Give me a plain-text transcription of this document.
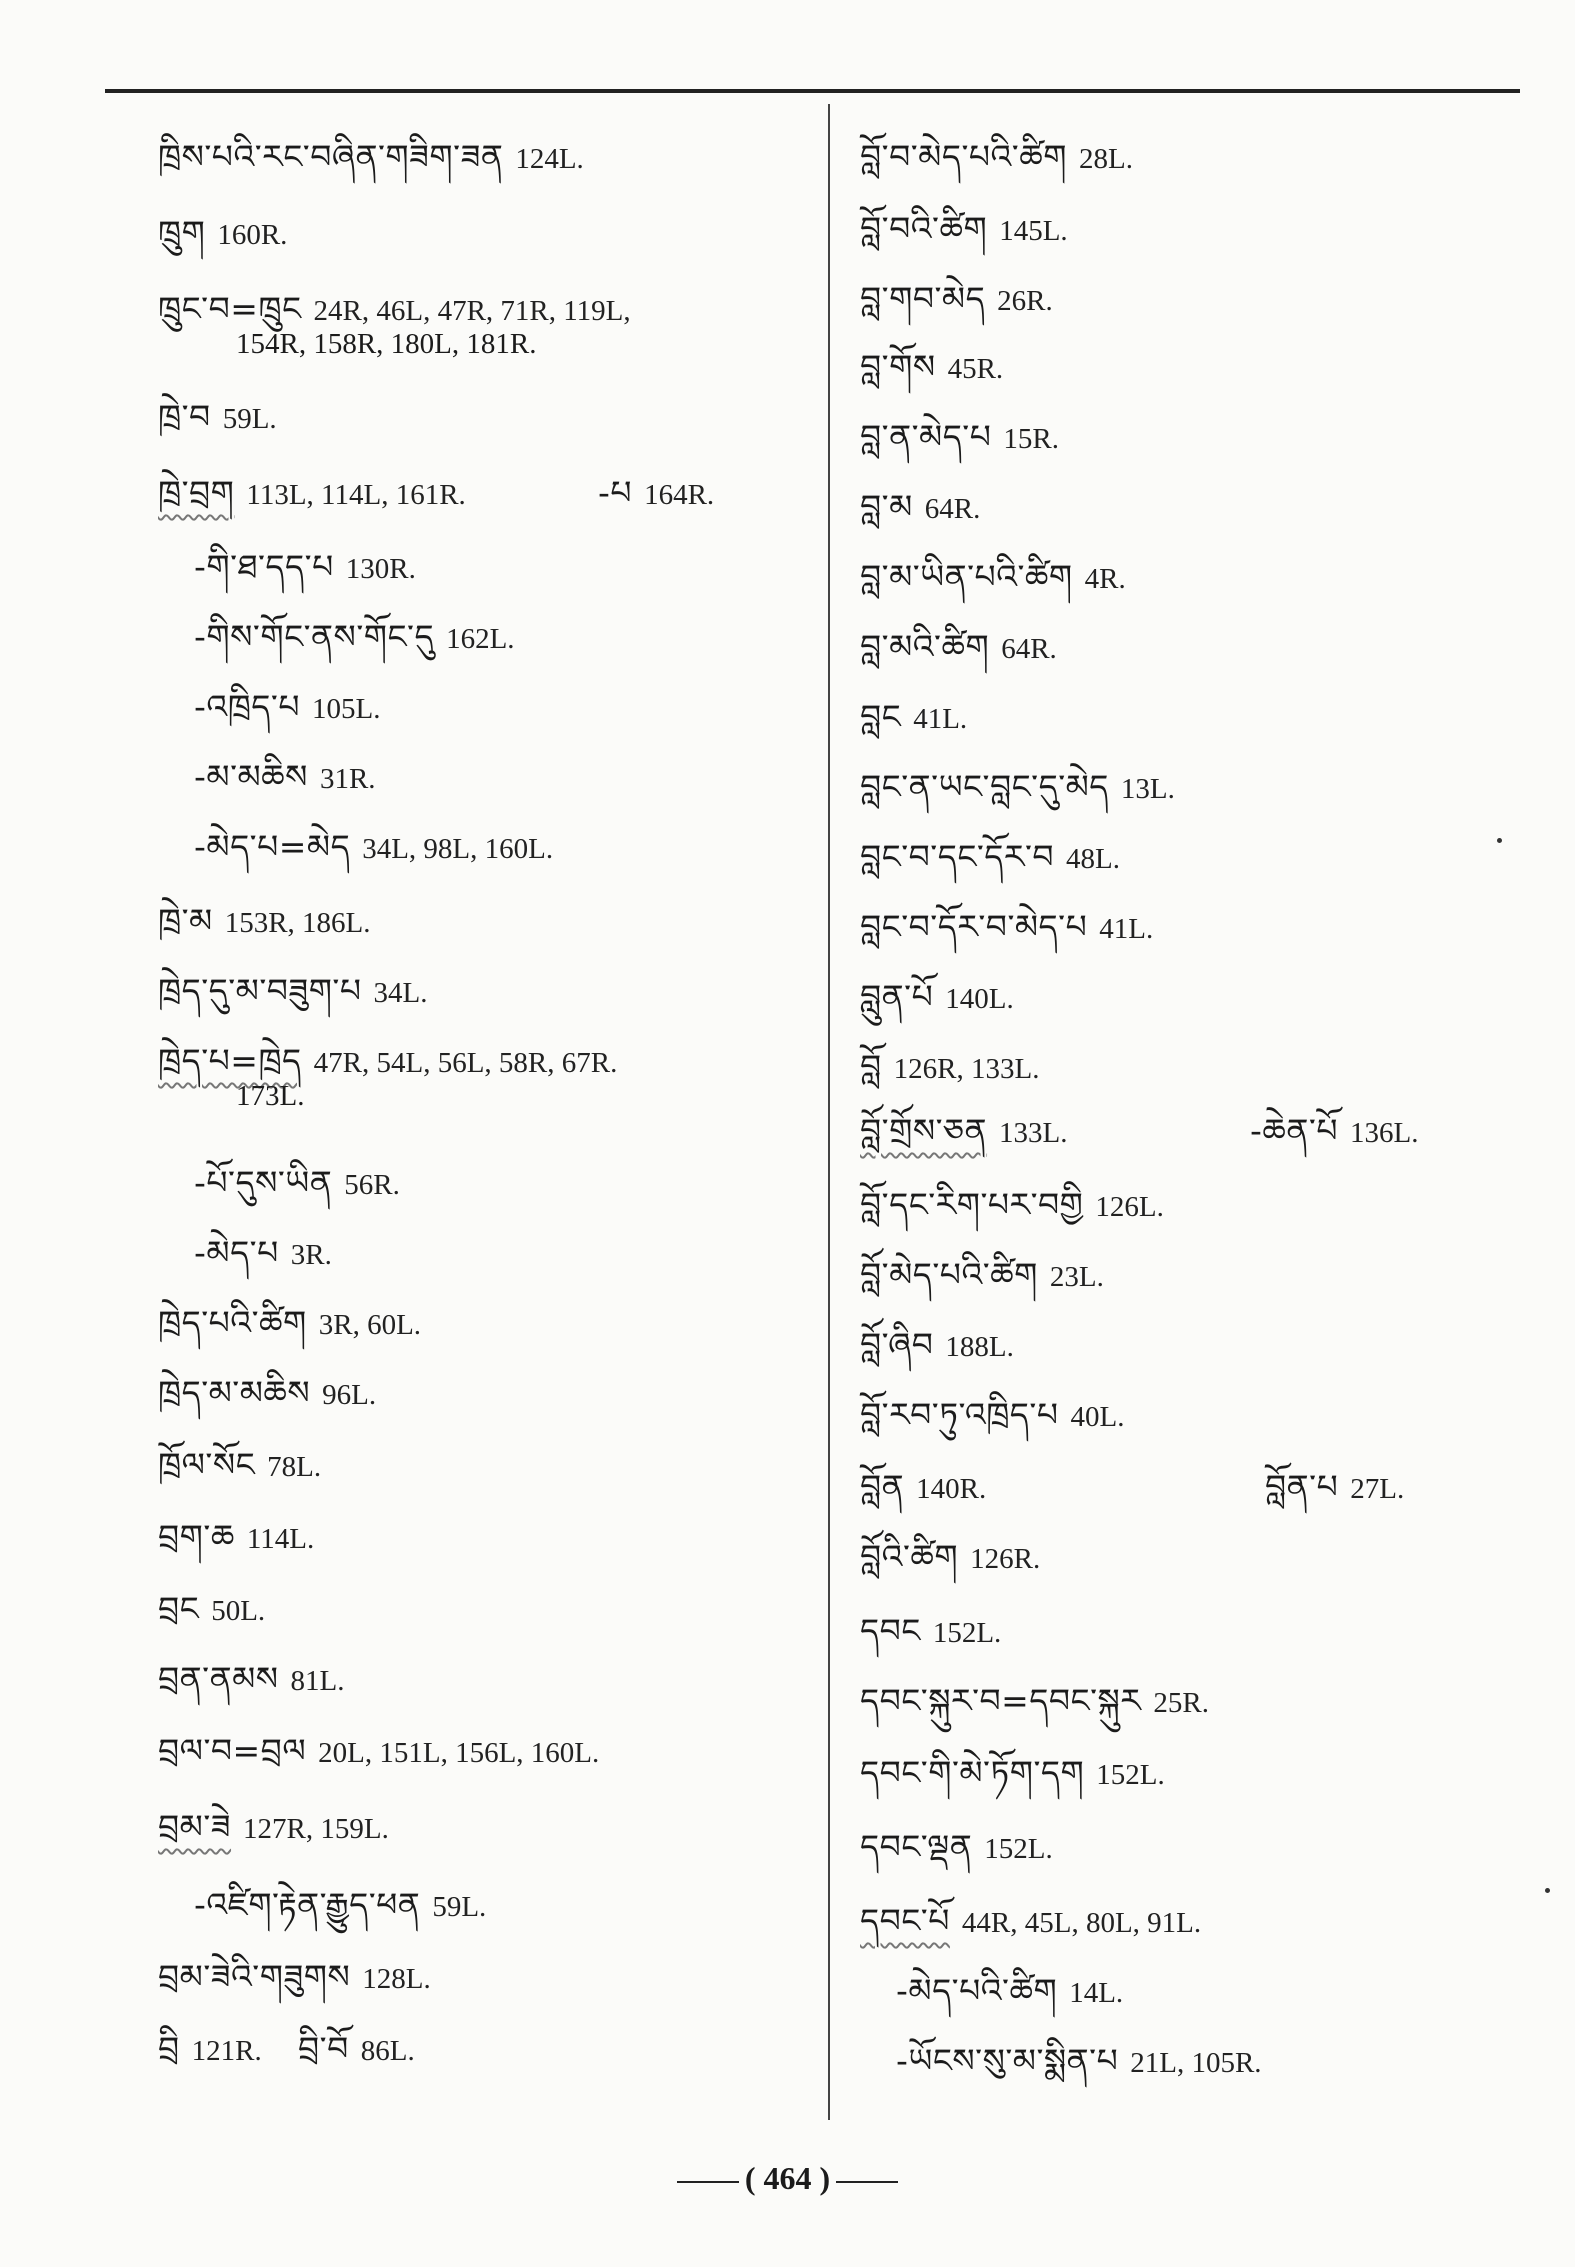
ཁྲིས་པའི་རང་བཞིན་གཟིག་ཟན 124L.
ཁྲུག 160R.
ཁྲུང་བ=ཁྲུང 24R, 46L, 47R, 71R, 119L,
154R, 158R, 180L, 181R.
ཁྲེ་བ 59L.
ཁྲེ་བྲག 113L, 114L, 161R.	-པ 164R.
-གི་ཐ་དད་པ 130R.
-གིས་གོང་ནས་གོང་དུ 162L.
-འཁྲིད་པ 105L.
-མ་མཆིས 31R.
-མེད་པ=མེད 34L, 98L, 160L.
ཁྲེ་མ 153R, 186L.
ཁྲེད་དུ་མ་བཟུག་པ 34L.
ཁྲེད་པ=ཁྲེད 47R, 54L, 56L, 58R, 67R.
173L.
-པོ་དུས་ཡིན 56R.
-མེད་པ 3R.
ཁྲེད་པའི་ཚིག 3R, 60L.
ཁྲེད་མ་མཆིས 96L.
ཁྲོལ་སོང 78L.
བྲག་ཆ 114L.
བྲང 50L.
བྲན་ནམས 81L.
བྲལ་བ=བྲལ 20L, 151L, 156L, 160L.
བྲམ་ཟེ 127R, 159L.
-འཛིག་རྟེན་རྒྱུད་ཕན 59L.
བྲམ་ཟེའི་གཟུགས 128L.
བྲི 121R. བྲི་བོ 86L.
བློ་བ་མེད་པའི་ཚིག 28L.
བློ་བའི་ཚིག 145L.
བླ་གབ་མེད 26R.
བླ་གོས 45R.
བླ་ན་མེད་པ 15R.
བླ་མ 64R.
བླ་མ་ཡིན་པའི་ཚིག 4R.
བླ་མའི་ཚིག 64R.
བླང 41L.
བླང་ན་ཡང་བླང་དུ་མེད 13L.
བླང་བ་དང་དོར་བ 48L.
བླང་བ་དོར་བ་མེད་པ 41L.
བླུན་པོ 140L.
བློ 126R, 133L.
བློ་གྲོས་ཅན 133L.	-ཆེན་པོ 136L.
བློ་དང་རིག་པར་བགྱི 126L.
བློ་མེད་པའི་ཚིག 23L.
བློ་ཞིབ 188L.
བློ་རབ་ཏུ་འཁྲིད་པ 40L.
བློན 140R.	བློན་པ 27L.
བློའི་ཚིག 126R.
དབང 152L.
དབང་སྐུར་བ=དབང་སྐུར 25R.
དབང་གི་མེ་ཏོག་དག 152L.
དབང་ལྡན 152L.
དབང་པོ 44R, 45L, 80L, 91L.
-མེད་པའི་ཚིག 14L.
-ཡོངས་སུ་མ་སྨིན་པ 21L, 105R.
( 464 )
